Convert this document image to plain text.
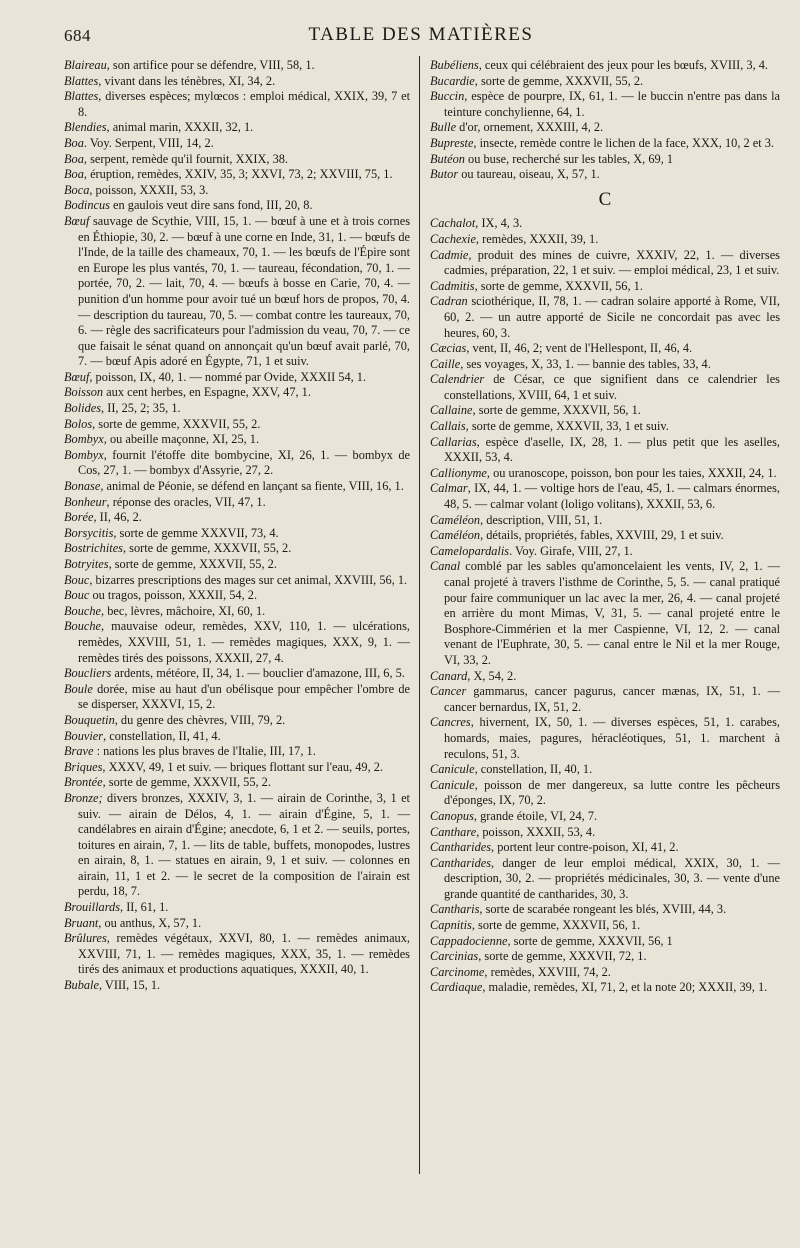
684	TABLE DES MATIÈRES

Blaireau, son artifice pour se défendre, VIII, 58, 1.

Blattes, vivant dans les ténèbres, XI, 34, 2.

Blattes, diverses espèces; mylœcos : emploi médical, XXIX, 39, 7 et 8.

Blendies, animal marin, XXXII, 32, 1.

Boa. Voy. Serpent, VIII, 14, 2.

Boa, serpent, remède qu'il fournit, XXIX, 38.

Boa, éruption, remèdes, XXIV, 35, 3; XXVI, 73, 2; XXVIII, 75, 1.

Boca, poisson, XXXII, 53, 3.

Bodincus en gaulois veut dire sans fond, III, 20, 8.

Bœuf sauvage de Scythie, VIII, 15, 1. — bœuf à une et à trois cornes en Éthiopie, 30, 2. — bœuf à une corne en Inde, 31, 1. — bœufs de l'Inde, de la taille des chameaux, 70, 1. — les bœufs de l'Épire sont en Europe les plus vantés, 70, 1. — taureau, fécondation, 70, 1. — portée, 70, 2. — lait, 70, 4. — bœufs à bosse en Carie, 70, 4. — punition d'un homme pour avoir tué un bœuf hors de propos, 70, 4. — description du taureau, 70, 5. — combat contre les taureaux, 70, 6. — règle des sacrificateurs pour l'admission du veau, 70, 7. — ce que faisait le sénat quand on annonçait qu'un bœuf avait parlé, 70, 7. — bœuf Apis adoré en Égypte, 71, 1 et suiv.

Bœuf, poisson, IX, 40, 1. — nommé par Ovide, XXXII 54, 1.

Boisson aux cent herbes, en Espagne, XXV, 47, 1.

Bolides, II, 25, 2; 35, 1.

Bolos, sorte de gemme, XXXVII, 55, 2.

Bombyx, ou abeille maçonne, XI, 25, 1.

Bombyx, fournit l'étoffe dite bombycine, XI, 26, 1. — bombyx de Cos, 27, 1. — bombyx d'Assyrie, 27, 2.

Bonase, animal de Péonie, se défend en lançant sa fiente, VIII, 16, 1.

Bonheur, réponse des oracles, VII, 47, 1.

Borée, II, 46, 2.

Borsycitis, sorte de gemme XXXVII, 73, 4.

Bostrichites, sorte de gemme, XXXVII, 55, 2.

Botryites, sorte de gemme, XXXVII, 55, 2.

Bouc, bizarres prescriptions des mages sur cet animal, XXVIII, 56, 1.

Bouc ou tragos, poisson, XXXII, 54, 2.

Bouche, bec, lèvres, mâchoire, XI, 60, 1.

Bouche, mauvaise odeur, remèdes, XXV, 110, 1. — ulcérations, remèdes, XXVIII, 51, 1. — remèdes magiques, XXX, 9, 1. — remèdes tirés des poissons, XXXII, 27, 4.

Boucliers ardents, météore, II, 34, 1. — bouclier d'amazone, III, 6, 5.

Boule dorée, mise au haut d'un obélisque pour empêcher l'ombre de se disperser, XXXVI, 15, 2.

Bouquetin, du genre des chèvres, VIII, 79, 2.

Bouvier, constellation, II, 41, 4.

Brave : nations les plus braves de l'Italie, III, 17, 1.

Briques, XXXV, 49, 1 et suiv. — briques flottant sur l'eau, 49, 2.

Brontée, sorte de gemme, XXXVII, 55, 2.

Bronze; divers bronzes, XXXIV, 3, 1. — airain de Corinthe, 3, 1 et suiv. — airain de Délos, 4, 1. — airain d'Égine, 5, 1. — candélabres en airain d'Égine; anecdote, 6, 1 et 2. — seuils, portes, toitures en airain, 7, 1. — lits de table, buffets, monopodes, lustres en airain, 8, 1. — statues en airain, 9, 1 et suiv. — colonnes en airain, 11, 1 et 2. — le secret de la composition de l'airain est perdu, 18, 7.

Brouillards, II, 61, 1.

Bruant, ou anthus, X, 57, 1.

Brûlures, remèdes végétaux, XXVI, 80, 1. — remèdes animaux, XXVIII, 71, 1. — remèdes magiques, XXX, 35, 1. — remèdes tirés des animaux et productions aquatiques, XXXII, 40, 1.

Bubale, VIII, 15, 1.

Bubéliens, ceux qui célébraient des jeux pour les bœufs, XVIII, 3, 4.

Bucardie, sorte de gemme, XXXVII, 55, 2.

Buccin, espèce de pourpre, IX, 61, 1. — le buccin n'entre pas dans la teinture conchylienne, 64, 1.

Bulle d'or, ornement, XXXIII, 4, 2.

Bupreste, insecte, remède contre le lichen de la face, XXX, 10, 2 et 3.

Butéon ou buse, recherché sur les tables, X, 69, 1

Butor ou taureau, oiseau, X, 57, 1.

C

Cachalot, IX, 4, 3.

Cachexie, remèdes, XXXII, 39, 1.

Cadmie, produit des mines de cuivre, XXXIV, 22, 1. — diverses cadmies, préparation, 22, 1 et suiv. — emploi médical, 23, 1 et suiv.

Cadmitis, sorte de gemme, XXXVII, 56, 1.

Cadran sciothérique, II, 78, 1. — cadran solaire apporté à Rome, VII, 60, 2. — un autre apporté de Sicile ne concordait pas avec les heures, 60, 3.

Cæcias, vent, II, 46, 2; vent de l'Hellespont, II, 46, 4.

Caille, ses voyages, X, 33, 1. — bannie des tables, 33, 4.

Calendrier de César, ce que signifient dans ce calendrier les constellations, XVIII, 64, 1 et suiv.

Callaine, sorte de gemme, XXXVII, 56, 1.

Callais, sorte de gemme, XXXVII, 33, 1 et suiv.

Callarias, espèce d'aselle, IX, 28, 1. — plus petit que les aselles, XXXII, 53, 4.

Callionyme, ou uranoscope, poisson, bon pour les taies, XXXII, 24, 1.

Calmar, IX, 44, 1. — voltige hors de l'eau, 45, 1. — calmars énormes, 48, 5. — calmar volant (loligo volitans), XXXII, 53, 6.

Caméléon, description, VIII, 51, 1.

Caméléon, détails, propriétés, fables, XXVIII, 29, 1 et suiv.

Camelopardalis. Voy. Girafe, VIII, 27, 1.

Canal comblé par les sables qu'amoncelaient les vents, IV, 2, 1. — canal projeté à travers l'isthme de Corinthe, 5, 5. — canal pratiqué pour faire communiquer un lac avec la mer, 26, 4. — canal projeté en arrière du mont Mimas, V, 31, 5. — canal projeté entre le Bosphore-Cimmérien et la mer Caspienne, VI, 12, 2. — canal venant de l'Euphrate, 30, 5. — canal entre le Nil et la mer Rouge, VI, 33, 2.

Canard, X, 54, 2.

Cancer gammarus, cancer pagurus, cancer mænas, IX, 51, 1. — cancer bernardus, IX, 51, 2.

Cancres, hivernent, IX, 50, 1. — diverses espèces, 51, 1. carabes, homards, maies, pagures, héracléotiques, 51, 1. marchent à reculons, 51, 3.

Canicule, constellation, II, 40, 1.

Canicule, poisson de mer dangereux, sa lutte contre les pêcheurs d'éponges, IX, 70, 2.

Canopus, grande étoile, VI, 24, 7.

Canthare, poisson, XXXII, 53, 4.

Cantharides, portent leur contre-poison, XI, 41, 2.

Cantharides, danger de leur emploi médical, XXIX, 30, 1. — description, 30, 2. — propriétés médicinales, 30, 3. — vente d'une grande quantité de cantharides, 30, 3.

Cantharis, sorte de scarabée rongeant les blés, XVIII, 44, 3.

Capnitis, sorte de gemme, XXXVII, 56, 1.

Cappadocienne, sorte de gemme, XXXVII, 56, 1

Carcinias, sorte de gemme, XXXVII, 72, 1.

Carcinome, remèdes, XXVIII, 74, 2.

Cardiaque, maladie, remèdes, XI, 71, 2, et la note 20; XXXII, 39, 1.
